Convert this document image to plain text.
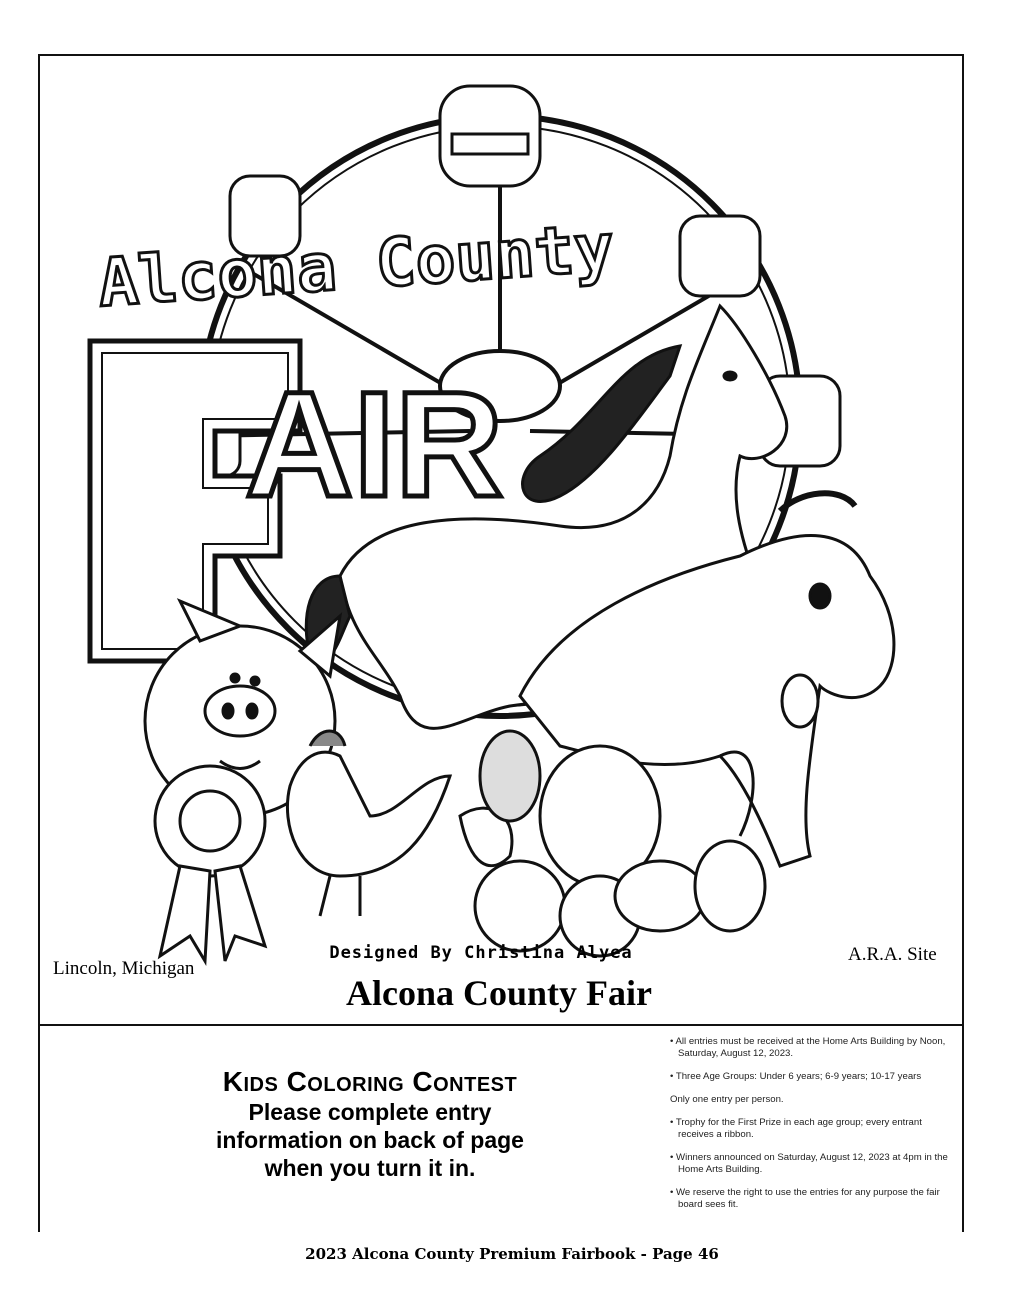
Alcona County
AIR
Lincoln, Michigan
A.R.A. Site
Designed By Christina Alyea
Alcona County Fair
Kids Coloring Contest
Please complete entry
information on back of page
when you turn it in.
• All entries must be received at the Home Arts Building by Noon, Saturday, August 12, 2023.
• Three Age Groups: Under 6 years; 6-9 years; 10-17 years
Only one entry per person.
• Trophy for the First Prize in each age group; every entrant receives a ribbon.
• Winners announced on Saturday, August 12, 2023 at 4pm in the Home Arts Building.
• We reserve the right to use the entries for any purpose the fair board sees fit.
2023 Alcona County Premium Fairbook - Page 46
